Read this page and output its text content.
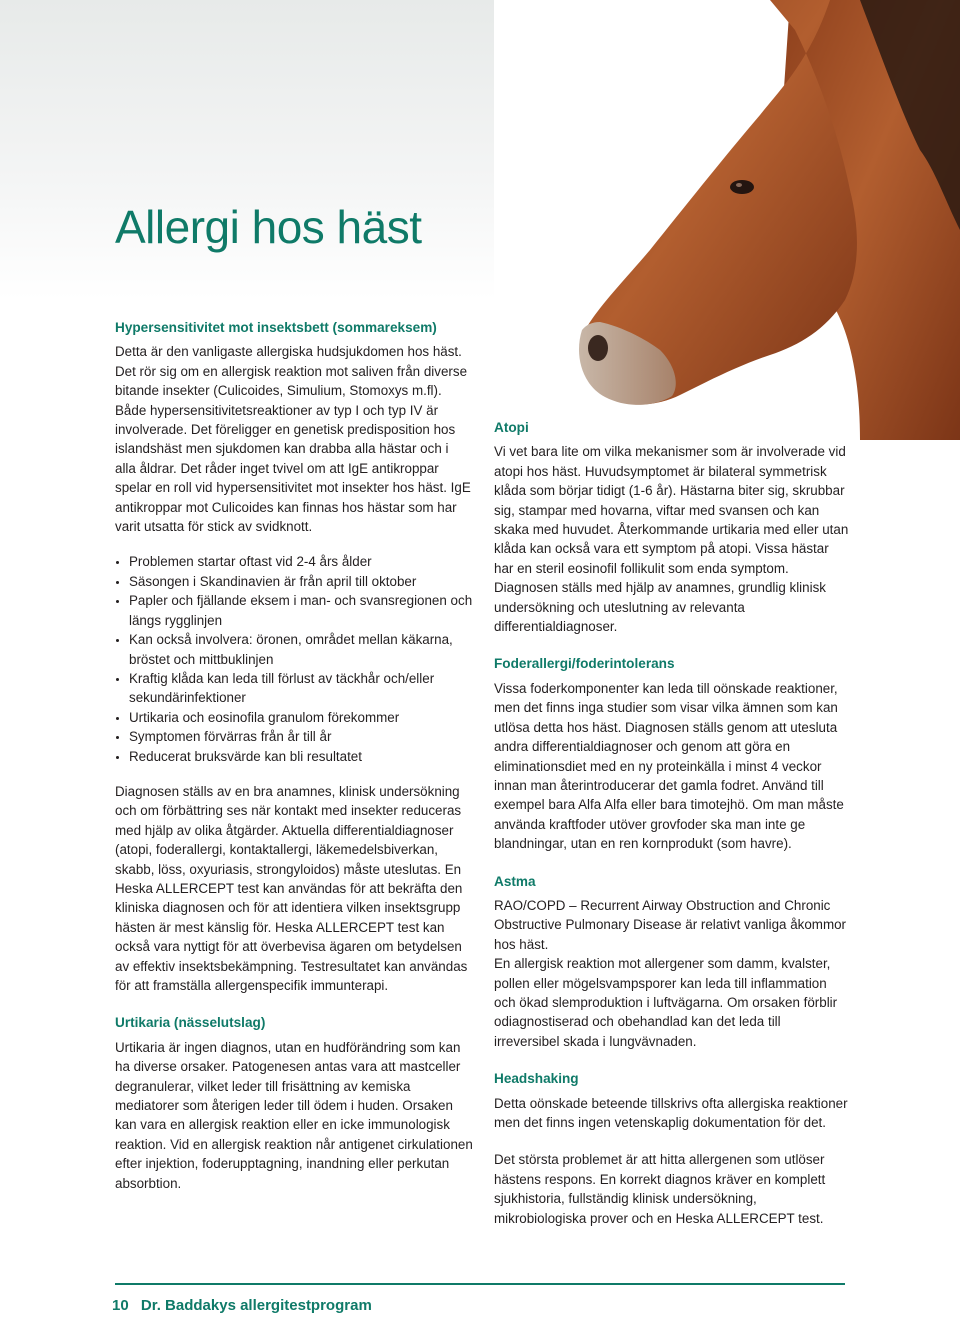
Allergi hos häst
Hypersensitivitet mot insektsbett (sommareksem)

Detta är den vanligaste allergiska hudsjukdomen hos häst. Det rör sig om en allergisk reaktion mot saliven från diverse bitande insekter (Culicoides, Simulium, Stomoxys m.fl). Både hypersensitivitetsreaktioner av typ I och typ IV är involverade. Det föreligger en genetisk predisposition hos islandshäst men sjukdomen kan drabba alla hästar och i alla åldrar. Det råder inget tvivel om att IgE antikroppar spelar en roll vid hypersensitivitet mot insekter hos häst. IgE antikroppar mot Culicoides kan finnas hos hästar som har varit utsatta för stick av svidknott.

Problemen startar oftast vid 2-4 års ålder
Säsongen i Skandinavien är från april till oktober
Papler och fjällande eksem i man- och svansregionen och längs rygglinjen
Kan också involvera: öronen, området mellan käkarna, bröstet och mittbuklinjen
Kraftig klåda kan leda till förlust av täckhår och/eller sekundärinfektioner
Urtikaria och eosinofila granulom förekommer
Symptomen förvärras från år till år
Reducerat bruksvärde kan bli resultatet

Diagnosen ställs av en bra anamnes, klinisk undersökning och om förbättring ses när kontakt med insekter reduceras med hjälp av olika åtgärder. Aktuella differentialdiagnoser (atopi, foderallergi, kontaktallergi, läkemedelsbiverkan, skabb, löss, oxyuriasis, strongyloidos) måste uteslutas. En Heska ALLERCEPT test kan användas för att bekräfta den kliniska diagnosen och för att identiera vilken insektsgrupp hästen är mest känslig för. Heska ALLERCEPT test kan också vara nyttigt för att överbevisa ägaren om betydelsen av effektiv insektsbekämpning. Testresultatet kan användas för att framställa allergenspecifik immunterapi.

Urtikaria (nässelutslag)

Urtikaria är ingen diagnos, utan en hudförändring som kan ha diverse orsaker. Patogenesen antas vara att mastceller degranulerar, vilket leder till frisättning av kemiska mediatorer som återigen leder till ödem i huden. Orsaken kan vara en allergisk reaktion eller en icke immunologisk reaktion. Vid en allergisk reaktion når antigenet cirkulationen efter injektion, foderupptagning, inandning eller perkutan absorbtion.

Atopi

Vi vet bara lite om vilka mekanismer som är involverade vid atopi hos häst. Huvudsymptomet är bilateral symmetrisk klåda som börjar tidigt (1-6 år). Hästarna biter sig, skrubbar sig, stampar med hovarna, viftar med svansen och kan skaka med huvudet. Återkommande urtikaria med eller utan klåda kan också vara ett symptom på atopi. Vissa hästar har en steril eosinofil follikulit som enda symptom. Diagnosen ställs med hjälp av anamnes, grundlig klinisk undersökning och uteslutning av relevanta differentialdiagnoser.

Foderallergi/foderintolerans

Vissa foderkomponenter kan leda till oönskade reaktioner, men det finns inga studier som visar vilka ämnen som kan utlösa detta hos häst. Diagnosen ställs genom att utesluta andra differentialdiagnoser och genom att göra en eliminationsdiet med en ny proteinkälla i minst 4 veckor innan man återintroducerar det gamla fodret. Använd till exempel bara Alfa Alfa eller bara timotejhö. Om man måste använda kraftfoder utöver grovfoder ska man inte ge blandningar, utan en ren kornprodukt (som havre).

Astma

RAO/COPD – Recurrent Airway Obstruction and Chronic Obstructive Pulmonary Disease är relativt vanliga åkommor hos häst.

En allergisk reaktion mot allergener som damm, kvalster, pollen eller mögelsvampsporer kan leda till inflammation och ökad slemproduktion i luftvägarna. Om orsaken förblir odiagnostiserad och obehandlad kan det leda till irreversibel skada i lungvävnaden.

Headshaking

Detta oönskade beteende tillskrivs ofta allergiska reaktioner men det finns ingen vetenskaplig dokumentation för det.

Det största problemet är att hitta allergenen som utlöser hästens respons. En korrekt diagnos kräver en komplett sjukhistoria, fullständig klinisk undersökning, mikrobiologiska prover och en Heska ALLERCEPT test.

10 Dr. Baddakys allergitestprogram
